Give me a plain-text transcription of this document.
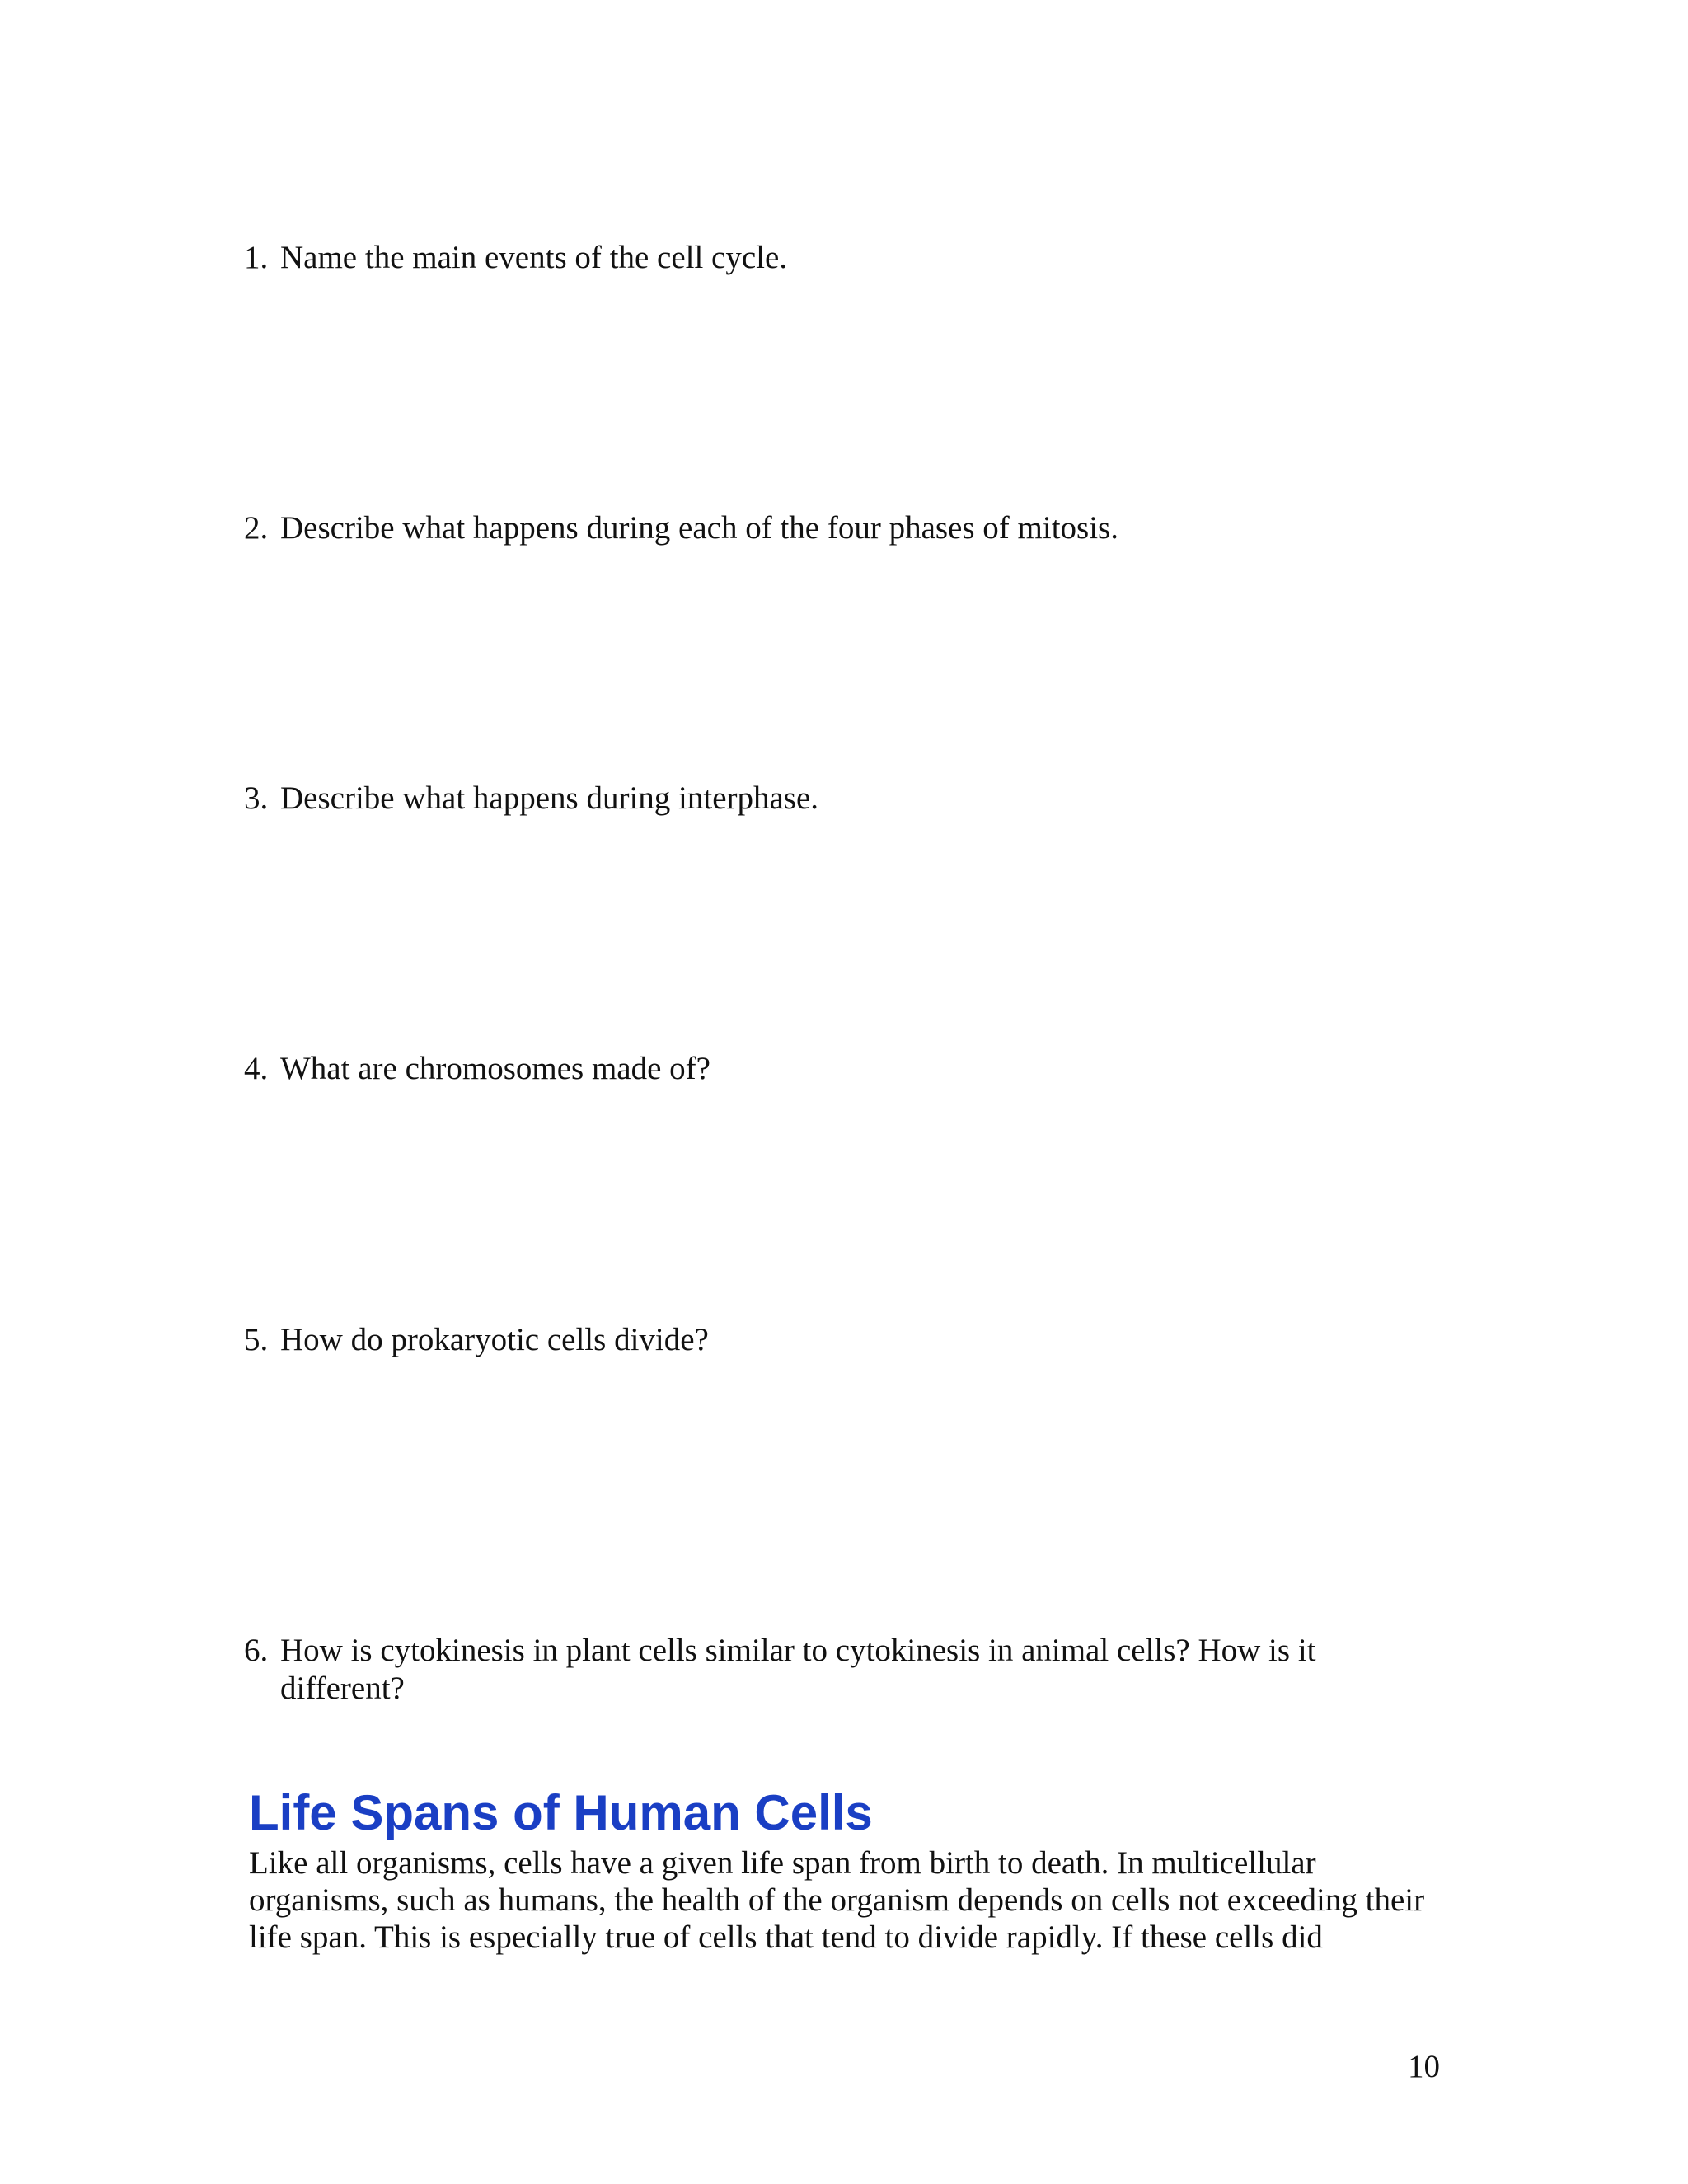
1. Name the main events of the cell cycle.
2. Describe what happens during each of the four phases of mitosis.
3. Describe what happens during interphase.
4. What are chromosomes made of?
5. How do prokaryotic cells divide?
6. How is cytokinesis in plant cells similar to cytokinesis in animal cells? How is it different?
Life Spans of Human Cells

Like all organisms, cells have a given life span from birth to death. In multicellular organisms, such as humans, the health of the organism depends on cells not exceeding their life span. This is especially true of cells that tend to divide rapidly. If these cells did

10
